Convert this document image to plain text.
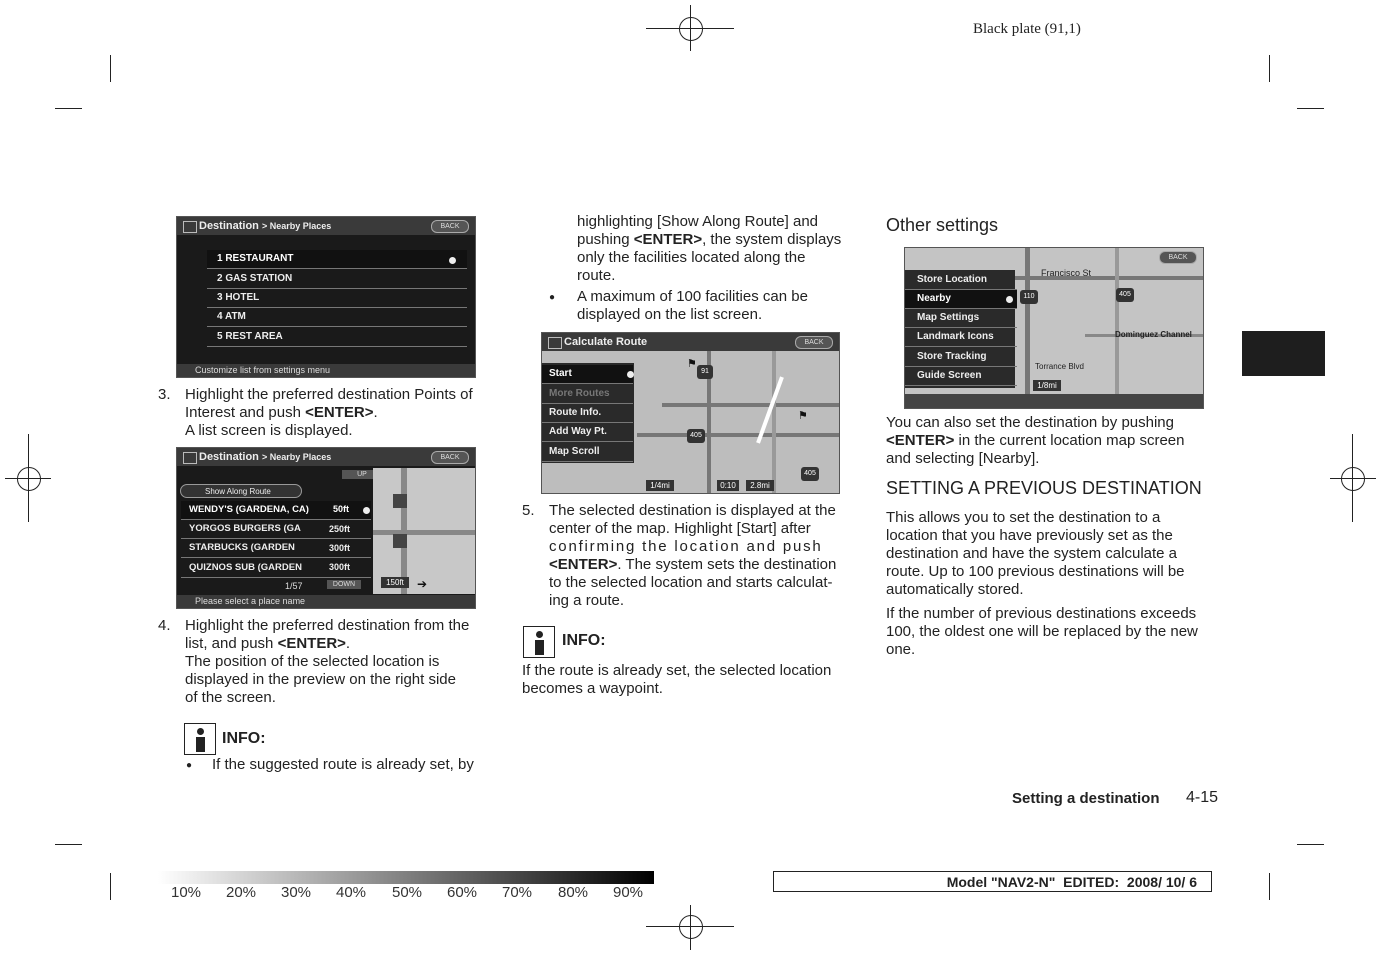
Black plate (91,1)
Destination > Nearby Places	BACK
1 RESTAURANT
2 GAS STATION
3 HOTEL
4 ATM
5 REST AREA
Customize list from settings menu
3. Highlight the preferred destination Points of
Interest and push <ENTER>.
A list screen is displayed.
Destination > Nearby Places	BACK
UP
Show Along Route
WENDY'S (GARDENA, CA)	50ft
YORGOS BURGERS (GA	250ft
STARBUCKS (GARDEN	300ft
QUIZNOS SUB (GARDEN	300ft
1/57	DOWN	150ft	➔
Please select a place name
4. Highlight the preferred destination from the
list, and push <ENTER>.
The position of the selected location is
displayed in the preview on the right side
of the screen.
INFO:
● If the suggested route is already set, by
highlighting [Show Along Route] and
pushing <ENTER>, the system displays
only the facilities located along the
route.
● A maximum of 100 facilities can be
displayed on the list screen.
91
405
405
⚑
⚑
Calculate Route	BACK
Start
More Routes
Route Info.
Add Way Pt.
Map Scroll
1/4mi	0:10	2.8mi
5. The selected destination is displayed at the
center of the map. Highlight [Start] after
confirming the location and push
<ENTER>. The system sets the destination
to the selected location and starts calculat-
ing a route.
INFO:
If the route is already set, the selected location
becomes a waypoint.
Other settings
Francisco St
Dominguez Channel
Torrance Blvd
110	405
1/8mi
BACK
Store Location
Nearby
Map Settings
Landmark Icons
Store Tracking
Guide Screen
You can also set the destination by pushing
<ENTER> in the current location map screen
and selecting [Nearby].
SETTING A PREVIOUS DESTINATION
This allows you to set the destination to a
location that you have previously set as the
destination and have the system calculate a
route. Up to 100 previous destinations will be
automatically stored.
If the number of previous destinations exceeds
100, the oldest one will be replaced by the new
one.
Setting a destination 4-15
10% 20% 30% 40% 50% 60% 70% 80% 90%
Model "NAV2-N"  EDITED:  2008/ 10/ 6
